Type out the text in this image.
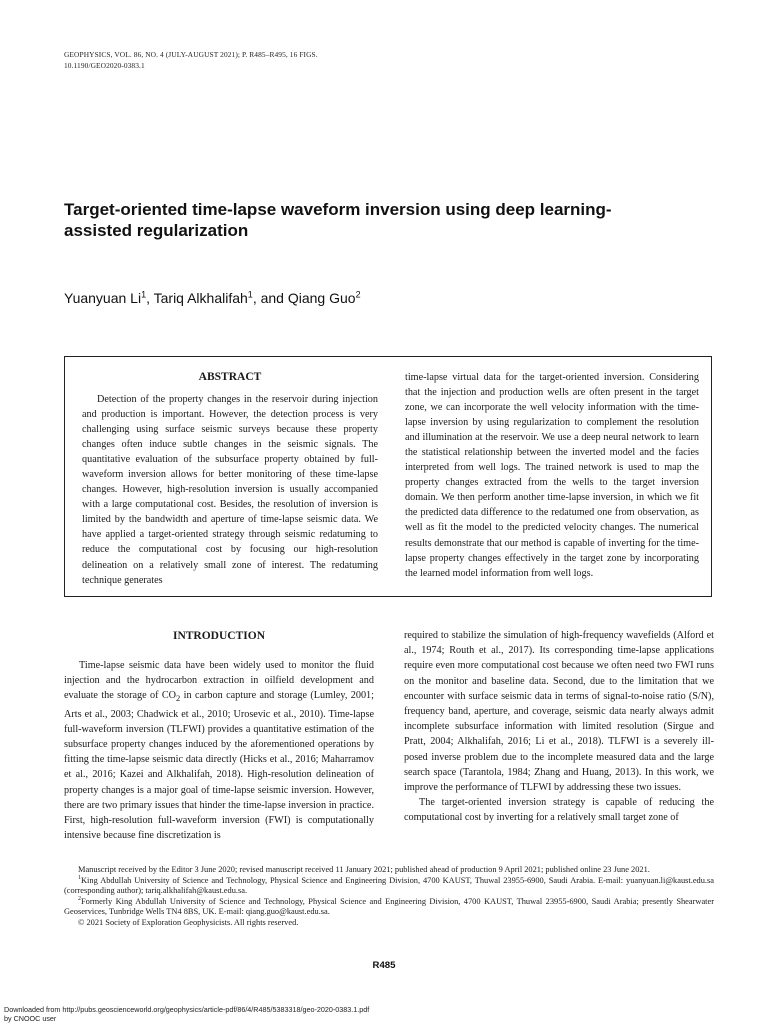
GEOPHYSICS, VOL. 86, NO. 4 (JULY-AUGUST 2021); P. R485–R495, 16 FIGS.
10.1190/GEO2020-0383.1
Target-oriented time-lapse waveform inversion using deep learning-assisted regularization
Yuanyuan Li$^1$, Tariq Alkhalifah$^1$, and Qiang Guo$^2$
ABSTRACT

Detection of the property changes in the reservoir during injection and production is important. However, the detection process is very challenging using surface seismic surveys because these property changes often induce subtle changes in the seismic signals. The quantitative evaluation of the subsurface property obtained by full-waveform inversion allows for better monitoring of these time-lapse changes. However, high-resolution inversion is usually accompanied with a large computational cost. Besides, the resolution of inversion is limited by the bandwidth and aperture of time-lapse seismic data. We have applied a target-oriented strategy through seismic redatuming to reduce the computational cost by focusing our high-resolution delineation on a relatively small zone of interest. The redatuming technique generates

time-lapse virtual data for the target-oriented inversion. Considering that the injection and production wells are often present in the target zone, we can incorporate the well velocity information with the time-lapse inversion by using regularization to complement the resolution and illumination at the reservoir. We use a deep neural network to learn the statistical relationship between the inverted model and the facies interpreted from well logs. The trained network is used to map the property changes extracted from the wells to the target inversion domain. We then perform another time-lapse inversion, in which we fit the predicted data difference to the redatumed one from observation, as well as fit the model to the predicted velocity changes. The numerical results demonstrate that our method is capable of inverting for the time-lapse property changes effectively in the target zone by incorporating the learned model information from well logs.

INTRODUCTION

Time-lapse seismic data have been widely used to monitor the fluid injection and the hydrocarbon extraction in oilfield development and evaluate the storage of $CO_2$ in carbon capture and storage (Lumley, 2001; Arts et al., 2003; Chadwick et al., 2010; Urosevic et al., 2010). Time-lapse full-waveform inversion (TLFWI) provides a quantitative estimation of the subsurface property changes induced by the aforementioned operations by fitting the time-lapse seismic data directly (Hicks et al., 2016; Maharramov et al., 2016; Kazei and Alkhalifah, 2018). High-resolution delineation of property changes is a major goal of time-lapse seismic inversion. However, there are two primary issues that hinder the time-lapse inversion in practice. First, high-resolution full-waveform inversion (FWI) is computationally intensive because fine discretization is

required to stabilize the simulation of high-frequency wavefields (Alford et al., 1974; Routh et al., 2017). Its corresponding time-lapse applications require even more computational cost because we often need two FWI runs on the monitor and baseline data. Second, due to the limitation that we encounter with surface seismic data in terms of signal-to-noise ratio (S/N), frequency band, aperture, and coverage, seismic data nearly always admit incomplete subsurface information with limited resolution (Sirgue and Pratt, 2004; Alkhalifah, 2016; Li et al., 2018). TLFWI is a severely ill-posed inverse problem due to the incomplete measured data and the large search space (Tarantola, 1984; Zhang and Huang, 2013). In this work, we improve the performance of TLFWI by addressing these two issues.

The target-oriented inversion strategy is capable of reducing the computational cost by inverting for a relatively small target zone of

Manuscript received by the Editor 3 June 2020; revised manuscript received 11 January 2021; published ahead of production 9 April 2021; published online 23 June 2021.

$^1$King Abdullah University of Science and Technology, Physical Science and Engineering Division, 4700 KAUST, Thuwal 23955-6900, Saudi Arabia. E-mail: yuanyuan.li@kaust.edu.sa (corresponding author); tariq.alkhalifah@kaust.edu.sa.

$^2$Formerly King Abdullah University of Science and Technology, Physical Science and Engineering Division, 4700 KAUST, Thuwal 23955-6900, Saudi Arabia; presently Shearwater Geoservices, Tunbridge Wells TN4 8BS, UK. E-mail: qiang.guo@kaust.edu.sa.

© 2021 Society of Exploration Geophysicists. All rights reserved.

R485
Downloaded from http://pubs.geoscienceworld.org/geophysics/article-pdf/86/4/R485/5383318/geo-2020-0383.1.pdf
by CNOOC user
